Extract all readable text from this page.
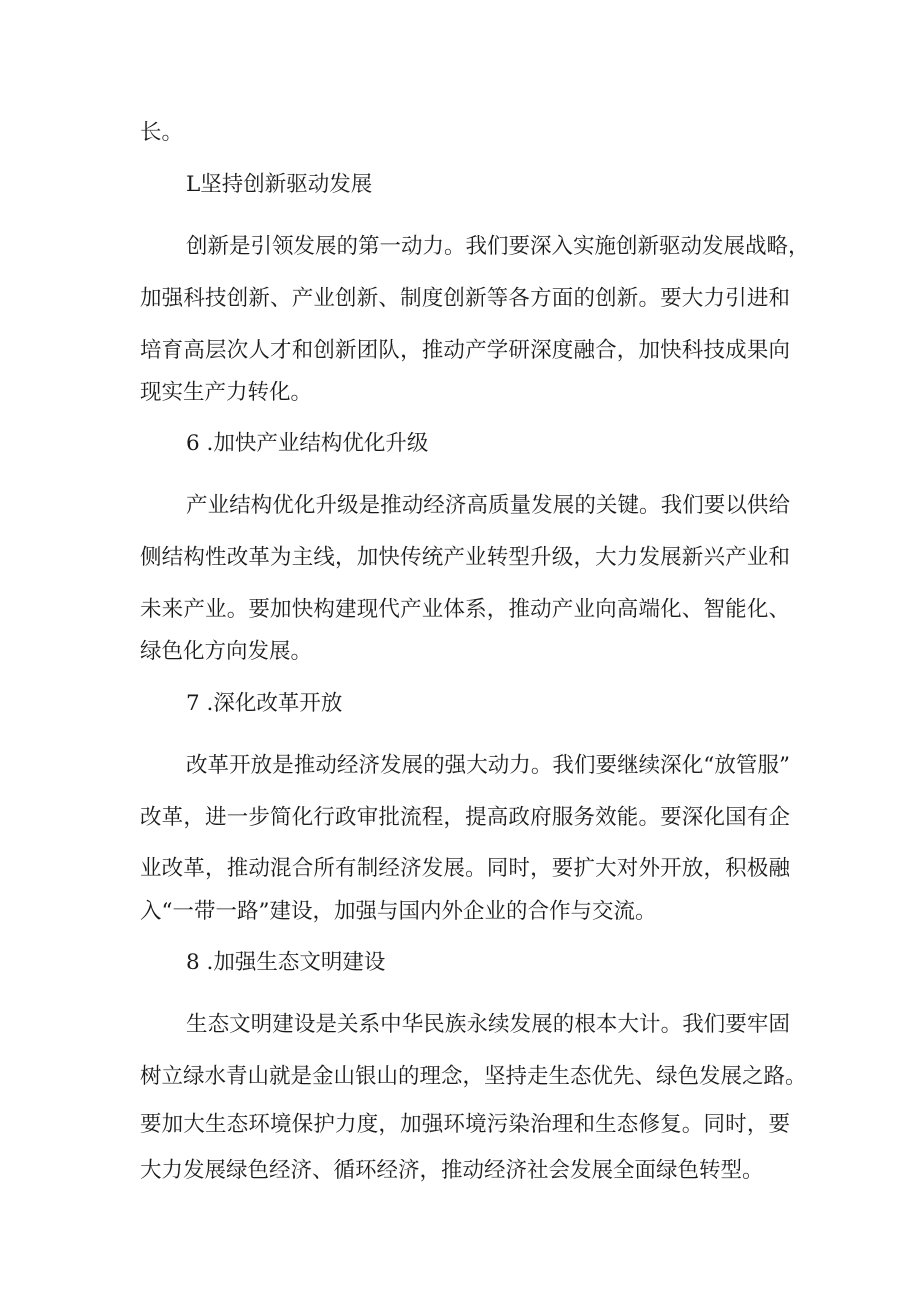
长。
L坚持创新驱动发展
创新是引领发展的第一动力。我们要深入实施创新驱动发展战略，
加强科技创新、产业创新、制度创新等各方面的创新。要大力引进和
培育高层次人才和创新团队，推动产学研深度融合，加快科技成果向
现实生产力转化。
6 .加快产业结构优化升级
产业结构优化升级是推动经济高质量发展的关键。我们要以供给
侧结构性改革为主线，加快传统产业转型升级，大力发展新兴产业和
未来产业。要加快构建现代产业体系，推动产业向高端化、智能化、
绿色化方向发展。
7 .深化改革开放
改革开放是推动经济发展的强大动力。我们要继续深化“放管服”
改革，进一步简化行政审批流程，提高政府服务效能。要深化国有企
业改革，推动混合所有制经济发展。同时，要扩大对外开放，积极融
入“一带一路”建设，加强与国内外企业的合作与交流。
8 .加强生态文明建设
生态文明建设是关系中华民族永续发展的根本大计。我们要牢固
树立绿水青山就是金山银山的理念，坚持走生态优先、绿色发展之路。
要加大生态环境保护力度，加强环境污染治理和生态修复。同时，要
大力发展绿色经济、循环经济，推动经济社会发展全面绿色转型。
